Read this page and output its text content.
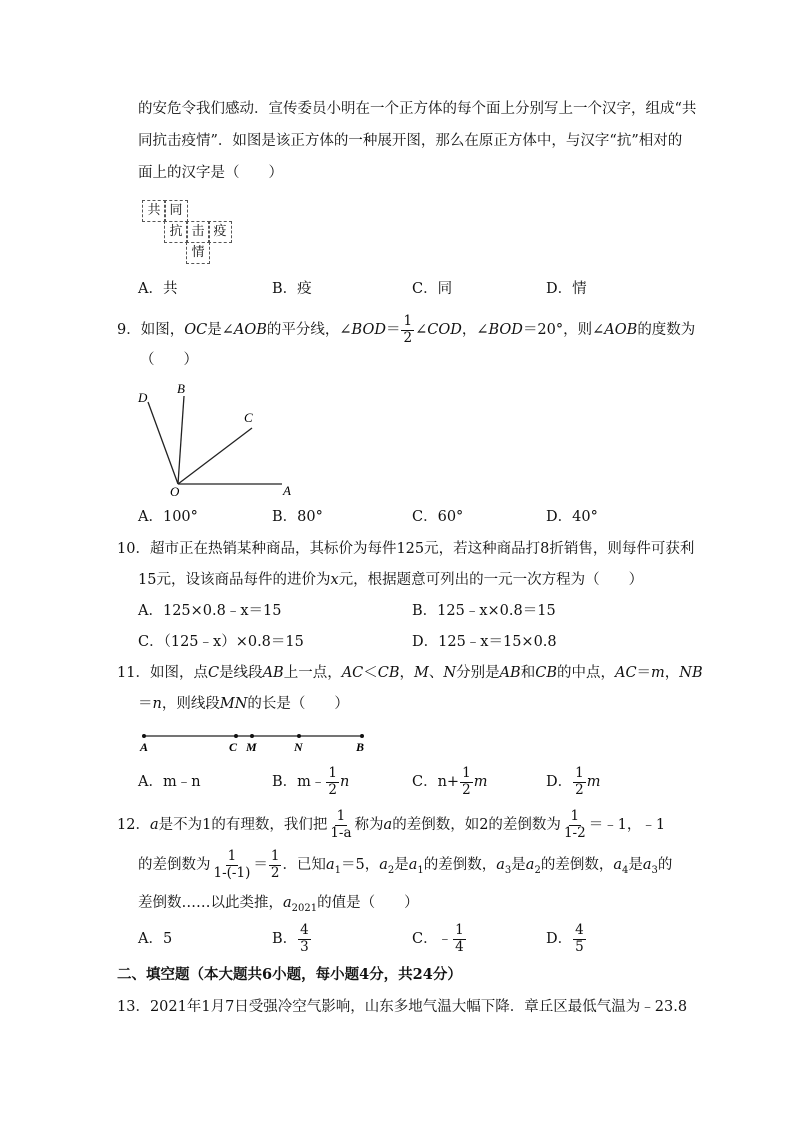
的安危令我们感动．宣传委员小明在一个正方体的每个面上分别写上一个汉字，组成“共
同抗击疫情”．如图是该正方体的一种展开图，那么在原正方体中，与汉字“抗”相对的
面上的汉字是（　　）
共 同
抗 击 疫
情
A．共	B．疫	C．同	D．情
9．如图，OC是∠AOB的平分线，∠BOD＝ $\frac{1}{2}$ ∠COD，∠BOD＝20°，则∠AOB的度数为
（　　）
D
B
C
O	A
A．100°	B．80°	C．60°	D．40°
10．超市正在热销某种商品，其标价为每件125元，若这种商品打8折销售，则每件可获利
15元，设该商品每件的进价为x元，根据题意可列出的一元一次方程为（　　）
A．125×0.8﹣x＝15	B．125﹣x×0.8＝15
C．（125﹣x）×0.8＝15	D．125﹣x＝15×0.8
11．如图，点C是线段AB上一点，AC＜CB，M、N分别是AB和CB的中点，AC＝m，NB
＝n，则线段MN的长是（　　）
A	C M	N	B
A．m﹣n	B．m﹣ $\frac{1}{2}$ n	C．$n+ \frac{1}{2}$ m	D． $\frac{1}{2}$ m
12．a是不为1的有理数，我们把 $\frac{1}{1-a}$ 称为a的差倒数，如2的差倒数为 $\frac{1}{1-2}$ ＝﹣1，﹣1
的差倒数为 $\frac{1}{1-(-1)} = \frac{1}{2}$ ．已知$a_1=5$，$a_2$是$a_1$的差倒数，$a_3$是$a_2$的差倒数，$a_4$是$a_3$的
差倒数……以此类推，$a_{2021}$的值是（　　）
A．5	B． $\frac{4}{3}$	C．﹣ $\frac{1}{4}$	D． $\frac{4}{5}$
二、填空题（本大题共6小题，每小题4分，共24分）
13．2021年1月7日受强冷空气影响，山东多地气温大幅下降．章丘区最低气温为﹣23.8
